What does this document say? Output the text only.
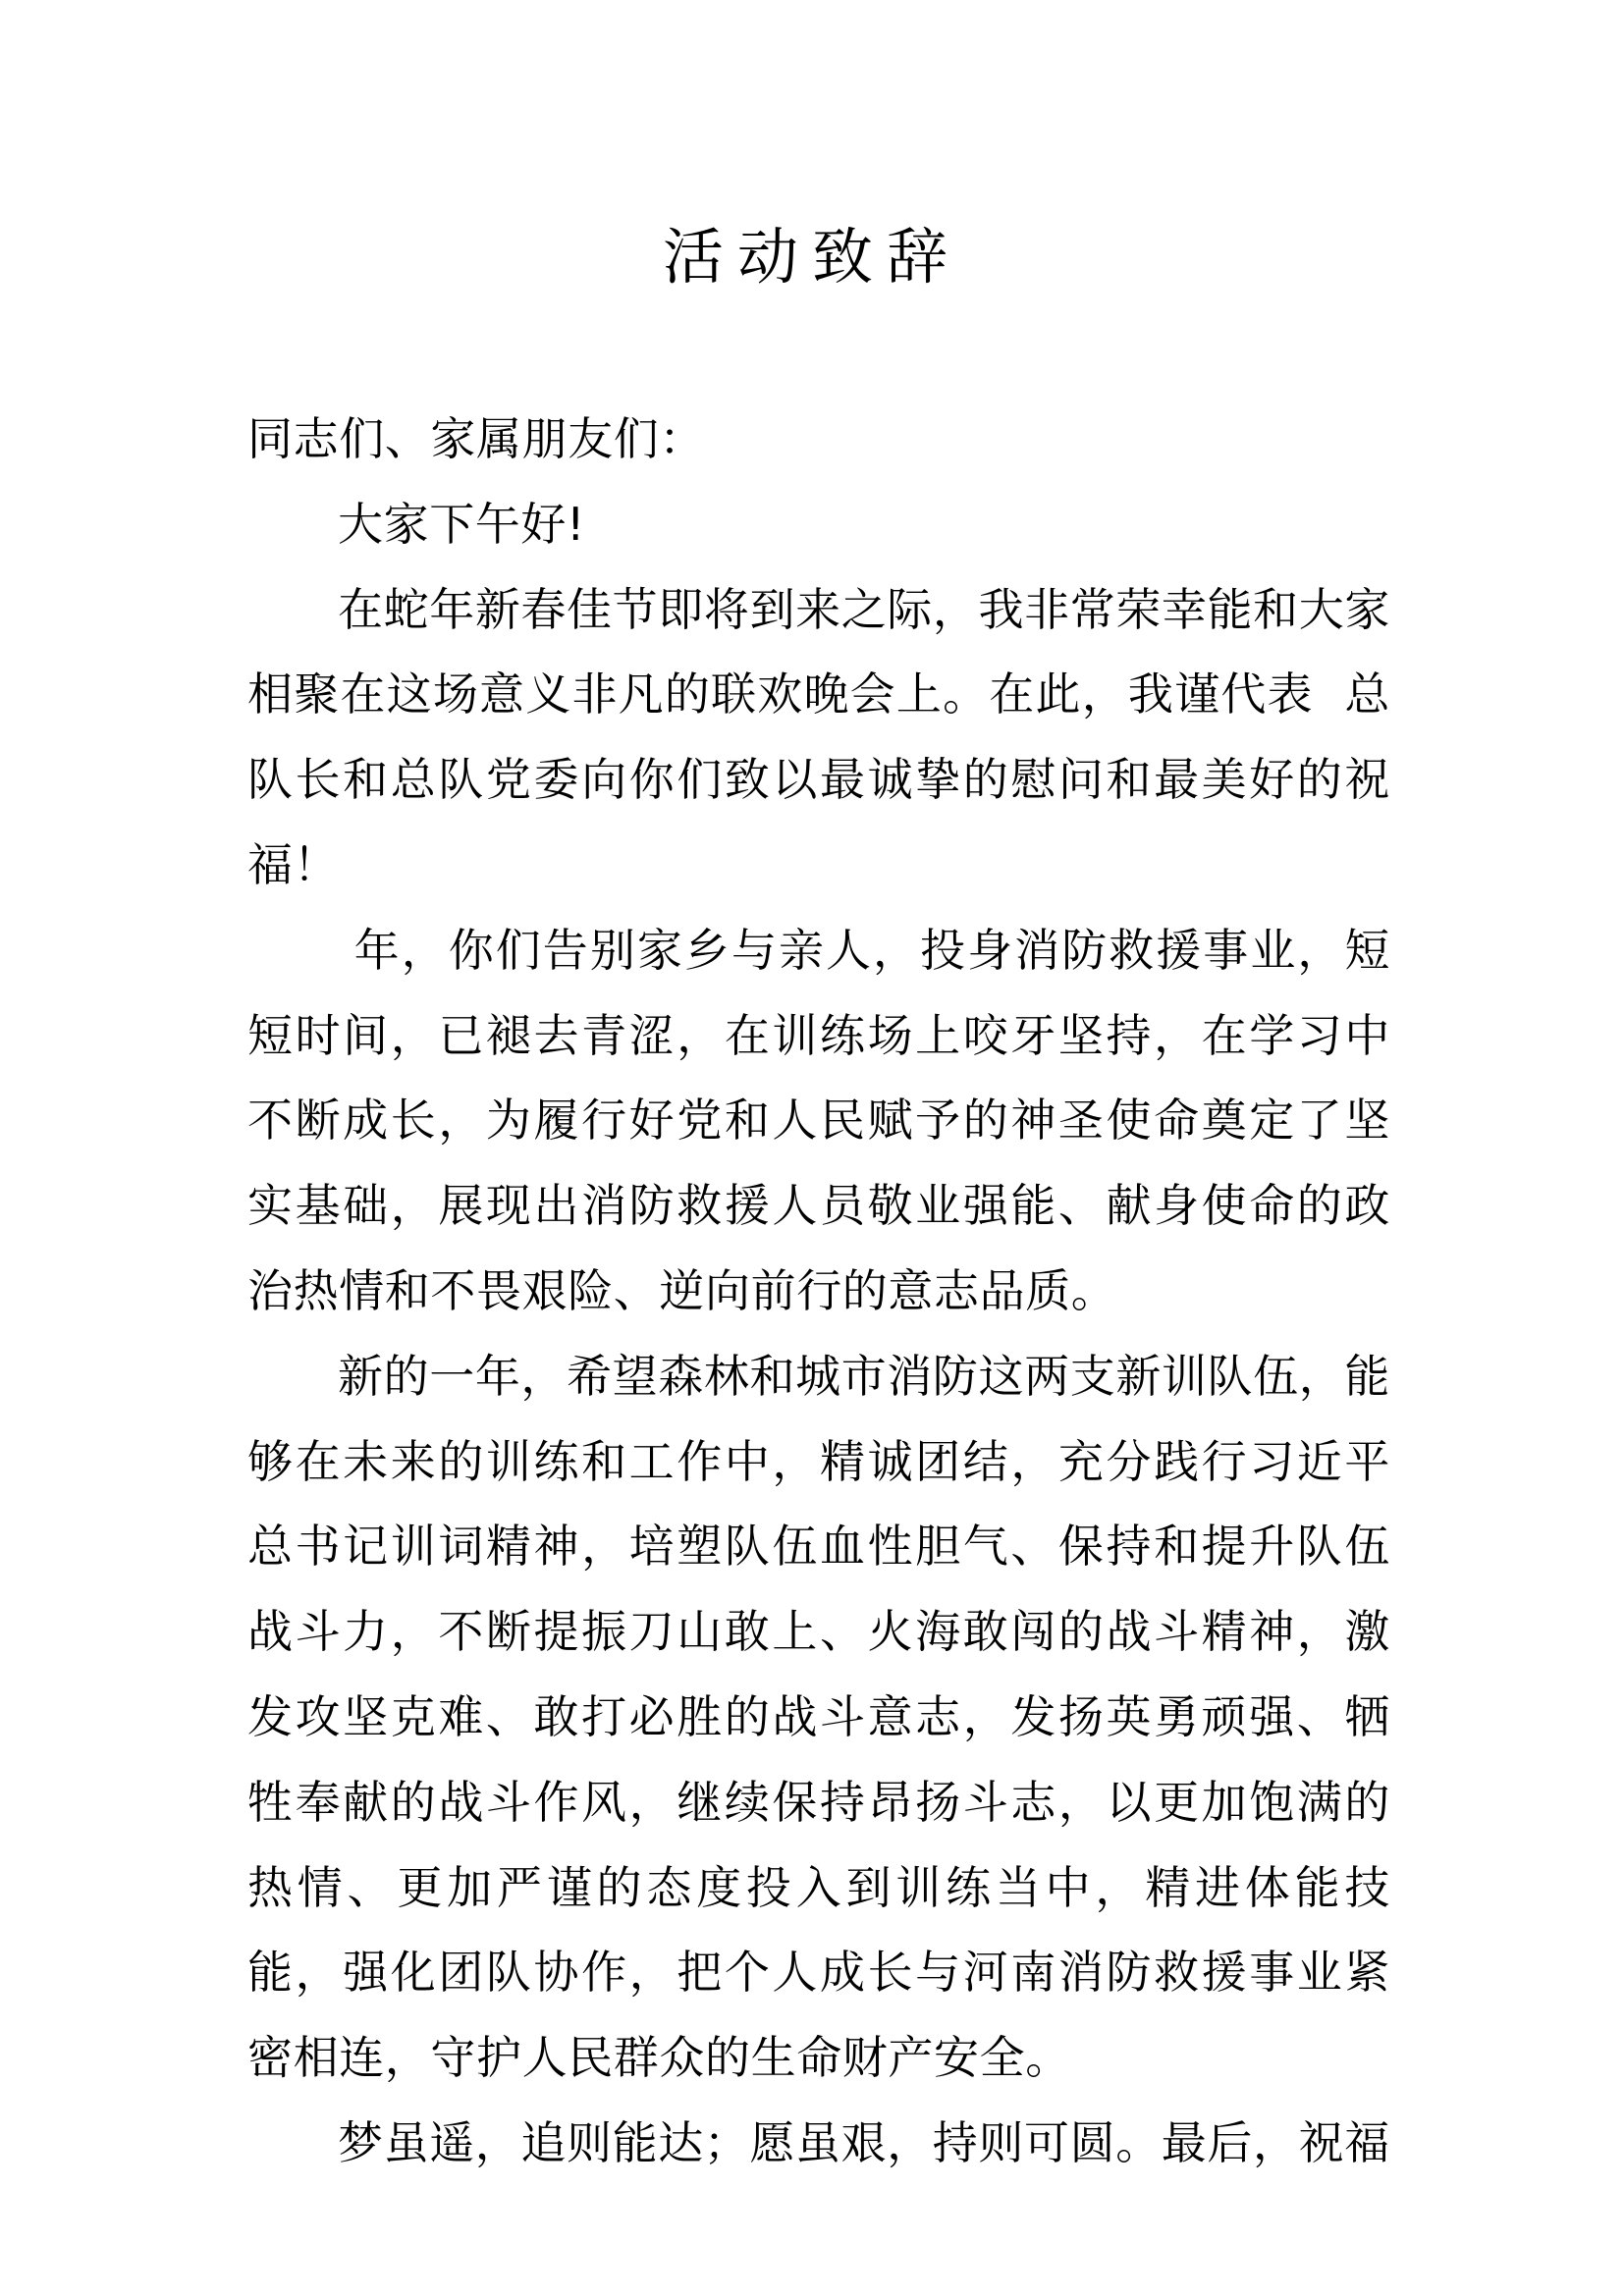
活动致辞

同志们、家属朋友们：

大家下午好!

在蛇年新春佳节即将到来之际，我非常荣幸能和大家相聚在这场意义非凡的联欢晚会上。在此，我谨代表  总队长和总队党委向你们致以最诚挚的慰问和最美好的祝福！

年，你们告别家乡与亲人，投身消防救援事业，短短时间，已褪去青涩，在训练场上咬牙坚持，在学习中不断成长，为履行好党和人民赋予的神圣使命奠定了坚实基础，展现出消防救援人员敬业强能、献身使命的政治热情和不畏艰险、逆向前行的意志品质。

新的一年，希望森林和城市消防这两支新训队伍，能够在未来的训练和工作中，精诚团结，充分践行习近平总书记训词精神，培塑队伍血性胆气、保持和提升队伍战斗力，不断提振刀山敢上、火海敢闯的战斗精神，激发攻坚克难、敢打必胜的战斗意志，发扬英勇顽强、牺牲奉献的战斗作风，继续保持昂扬斗志，以更加饱满的热情、更加严谨的态度投入到训练当中，精进体能技能，强化团队协作，把个人成长与河南消防救援事业紧密相连，守护人民群众的生命财产安全。

梦虽遥，追则能达；愿虽艰，持则可圆。最后，祝福
